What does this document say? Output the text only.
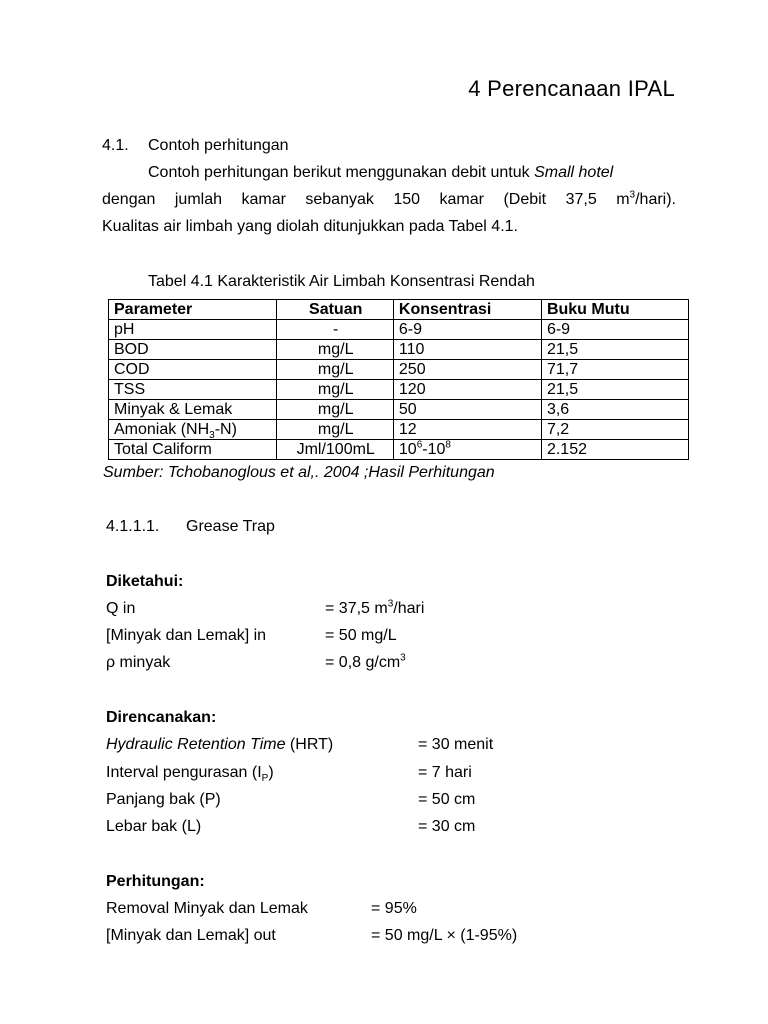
4 Perencanaan IPAL
4.1. Contoh perhitungan
Contoh perhitungan berikut menggunakan debit untuk Small hotel
dengan jumlah kamar sebanyak 150 kamar (Debit 37,5 $m^3/hari$).
Kualitas air limbah yang diolah ditunjukkan pada Tabel 4.1.
Tabel 4.1 Karakteristik Air Limbah Konsentrasi Rendah
Parameter	Satuan	Konsentrasi	Buku Mutu
pH	-	6-9	6-9
BOD	mg/L	110	21,5
COD	mg/L	250	71,7
TSS	mg/L	120	21,5
Minyak & Lemak	mg/L	50	3,6
Amoniak $(NH_3-N)$	mg/L	12	7,2
Total Caliform	Jml/100mL	$10^6-10^8$	2.152
Sumber: Tchobanoglous et al,. 2004 ;Hasil Perhitungan
4.1.1.1. Grease Trap
Diketahui:
Q in	= 37,5 $m^3$/hari
[Minyak dan Lemak] in	= 50 mg/L
ρ minyak	= 0,8 $g/cm^3$
Direncanakan:
Hydraulic Retention Time (HRT)	= 30 menit
Interval pengurasan $(I_P)$	= 7 hari
Panjang bak (P)	= 50 cm
Lebar bak (L)	= 30 cm
Perhitungan:
Removal Minyak dan Lemak	= 95%
[Minyak dan Lemak] out	= 50 mg/L × (1-95%)
